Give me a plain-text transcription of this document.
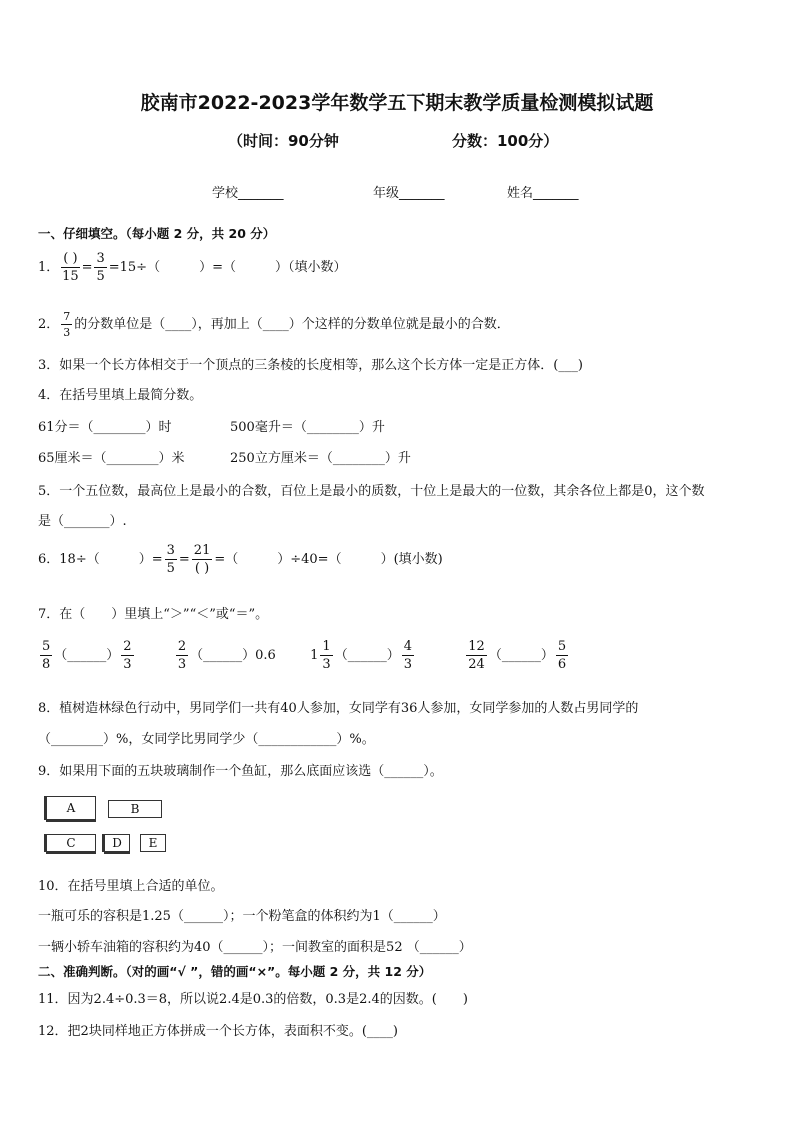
胶南市2022-2023学年数学五下期末教学质量检测模拟试题
（时间：90分钟	分数：100分）
学校_______	年级_______	姓名_______
一、仔细填空。（每小题 2 分，共 20 分）
1． $\frac{( )}{15} = \frac{3}{5} =15\div$（　　　）=（　　　）（填小数）
2． $\frac{7}{3}$ 的分数单位是（____），再加上（____）个这样的分数单位就是最小的合数．
3．如果一个长方体相交于一个顶点的三条棱的长度相等，那么这个长方体一定是正方体．(___)
4．在括号里填上最简分数。
61分＝（________）时	500毫升＝（________）升
65厘米＝（________）米	250立方厘米＝（________）升
5．一个五位数，最高位上是最小的合数，百位上是最小的质数，十位上是最大的一位数，其余各位上都是0，这个数
是（_______）.
6．18÷（　　　）= $\frac{3}{5} = \frac{21}{( )}$ =（　　　）÷40=（　　　）(填小数)
7．在（　　）里填上“＞”“＜”或“＝”。
$\frac{5}{8}$ （______） $\frac{2}{3}$
	$\frac{2}{3}$ （______）0.6	$1 \frac{1}{3}$ （______） $\frac{4}{3}$
	$\frac{12}{24}$ （______） $\frac{5}{6}$
8．植树造林绿色行动中，男同学们一共有40人参加，女同学有36人参加，女同学参加的人数占男同学的
（________）%，女同学比男同学少（____________）%。
9．如果用下面的五块玻璃制作一个鱼缸，那么底面应该选（______）。
A	B
C	D	E
10．在括号里填上合适的单位。
一瓶可乐的容积是1.25（______）；一个粉笔盒的体积约为1（______）
一辆小轿车油箱的容积约为40（______）；一间教室的面积是52 （______）
二、准确判断。（对的画“√ ”，错的画“×”。每小题 2 分，共 12 分）
11．因为2.4÷0.3＝8，所以说2.4是0.3的倍数，0.3是2.4的因数。(　　)
12．把2块同样地正方体拼成一个长方体，表面积不变。(____)
